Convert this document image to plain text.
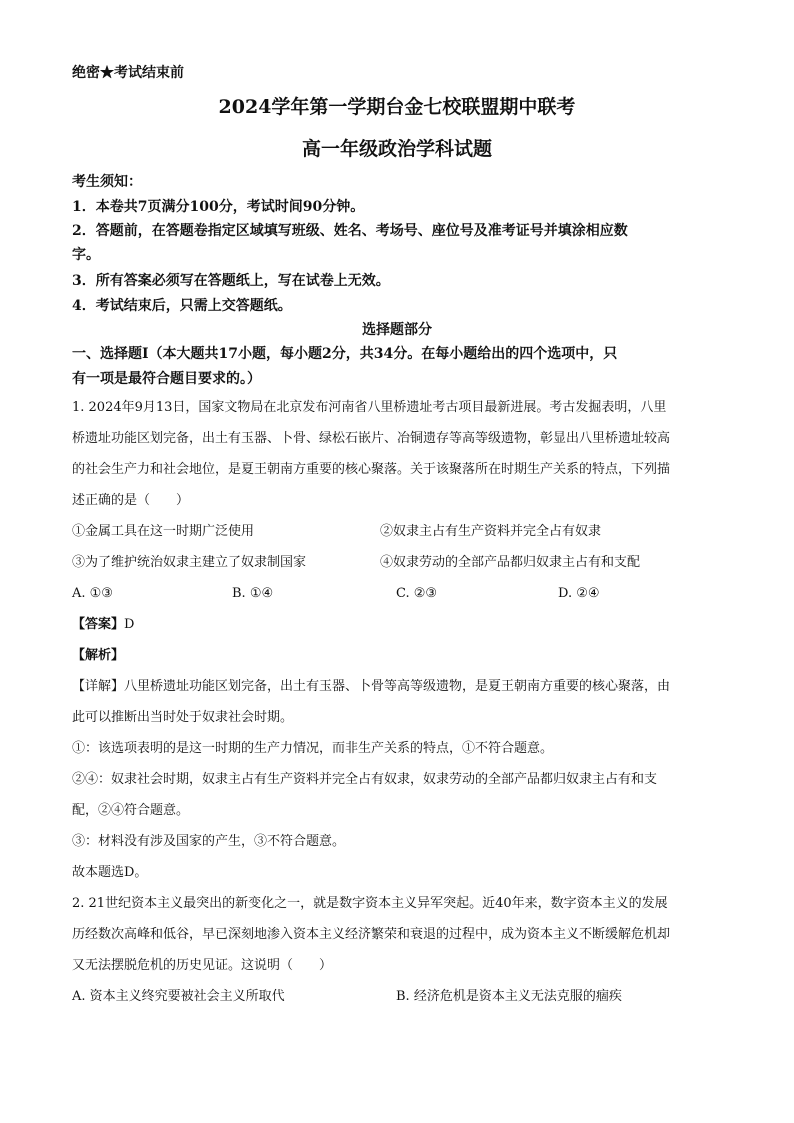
绝密★考试结束前
2024学年第一学期台金七校联盟期中联考
高一年级政治学科试题
考生须知：
1．本卷共7页满分100分，考试时间90分钟。
2．答题前，在答题卷指定区域填写班级、姓名、考场号、座位号及准考证号并填涂相应数
字。
3．所有答案必须写在答题纸上，写在试卷上无效。
4．考试结束后，只需上交答题纸。
选择题部分
一、选择题Ⅰ（本大题共17小题，每小题2分，共34分。在每小题给出的四个选项中，只
有一项是最符合题目要求的。）
1. 2024年9月13日，国家文物局在北京发布河南省八里桥遗址考古项目最新进展。考古发掘表明，八里
桥遗址功能区划完备，出土有玉器、卜骨、绿松石嵌片、冶铜遗存等高等级遗物，彰显出八里桥遗址较高
的社会生产力和社会地位，是夏王朝南方重要的核心聚落。关于该聚落所在时期生产关系的特点，下列描
述正确的是（　　）
①金属工具在这一时期广泛使用	②奴隶主占有生产资料并完全占有奴隶
③为了维护统治奴隶主建立了奴隶制国家	④奴隶劳动的全部产品都归奴隶主占有和支配
A. ①③	B. ①④	C. ②③	D. ②④
【答案】D
【解析】
【详解】八里桥遗址功能区划完备，出土有玉器、卜骨等高等级遗物，是夏王朝南方重要的核心聚落，由
此可以推断出当时处于奴隶社会时期。
①：该选项表明的是这一时期的生产力情况，而非生产关系的特点，①不符合题意。
②④：奴隶社会时期，奴隶主占有生产资料并完全占有奴隶，奴隶劳动的全部产品都归奴隶主占有和支
配，②④符合题意。
③：材料没有涉及国家的产生，③不符合题意。
故本题选D。
2. 21世纪资本主义最突出的新变化之一，就是数字资本主义异军突起。近40年来，数字资本主义的发展
历经数次高峰和低谷，早已深刻地渗入资本主义经济繁荣和衰退的过程中，成为资本主义不断缓解危机却
又无法摆脱危机的历史见证。这说明（　　）
A. 资本主义终究要被社会主义所取代	B. 经济危机是资本主义无法克服的痼疾
